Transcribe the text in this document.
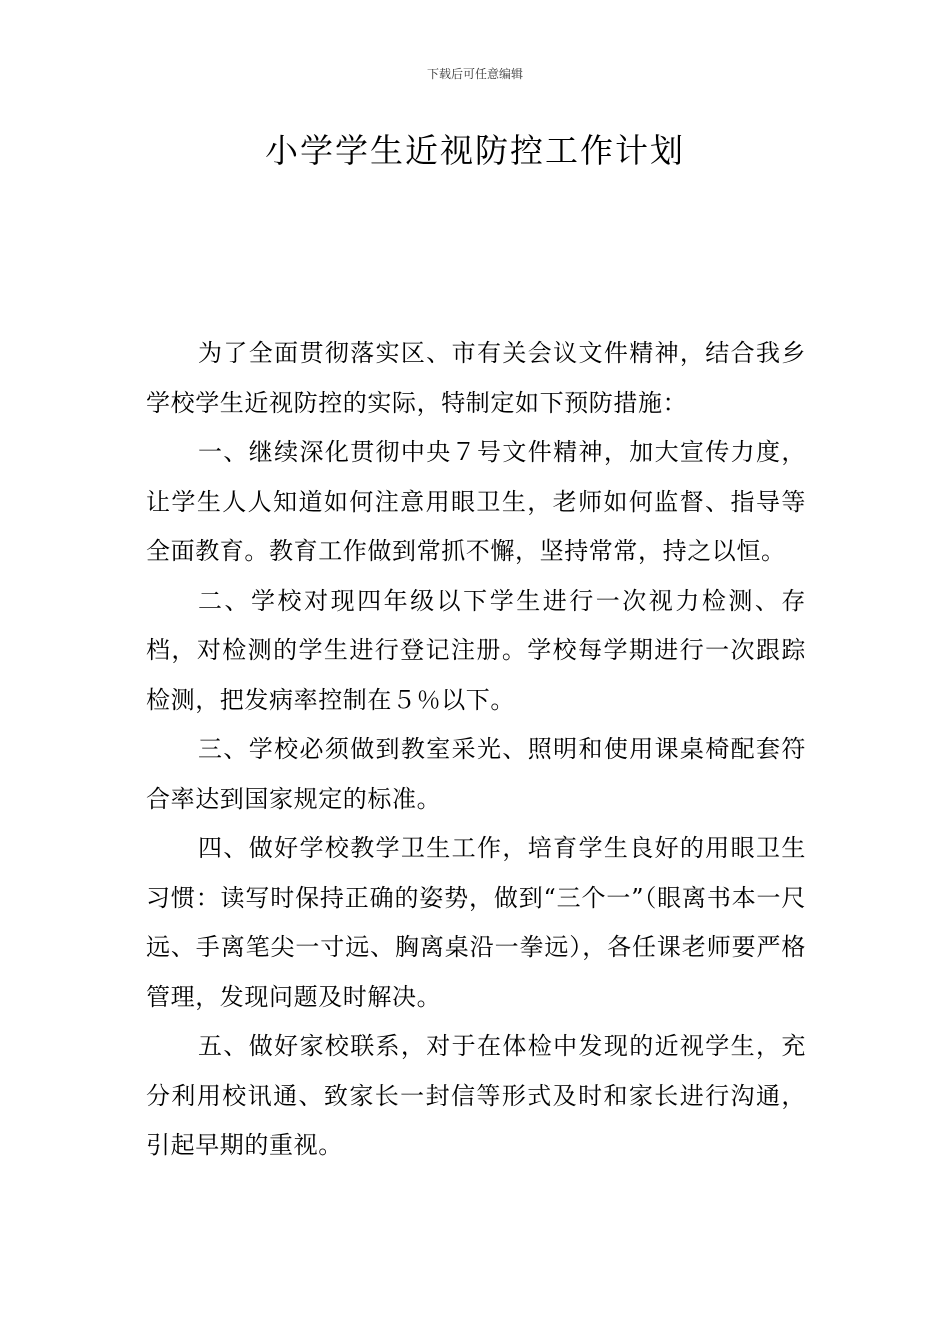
下载后可任意编辑
小学学生近视防控工作计划

为了全面贯彻落实区、市有关会议文件精神，结合我乡学校学生近视防控的实际，特制定如下预防措施：

一、继续深化贯彻中央７号文件精神，加大宣传力度，让学生人人知道如何注意用眼卫生，老师如何监督、指导等全面教育。教育工作做到常抓不懈，坚持常常，持之以恒。

二、学校对现四年级以下学生进行一次视力检测、存档，对检测的学生进行登记注册。学校每学期进行一次跟踪检测，把发病率控制在５％以下。

三、学校必须做到教室采光、照明和使用课桌椅配套符合率达到国家规定的标准。

四、做好学校教学卫生工作，培育学生良好的用眼卫生习惯：读写时保持正确的姿势，做到“三个一”（眼离书本一尺远、手离笔尖一寸远、胸离桌沿一拳远），各任课老师要严格管理，发现问题及时解决。

五、做好家校联系，对于在体检中发现的近视学生，充分利用校讯通、致家长一封信等形式及时和家长进行沟通，引起早期的重视。
